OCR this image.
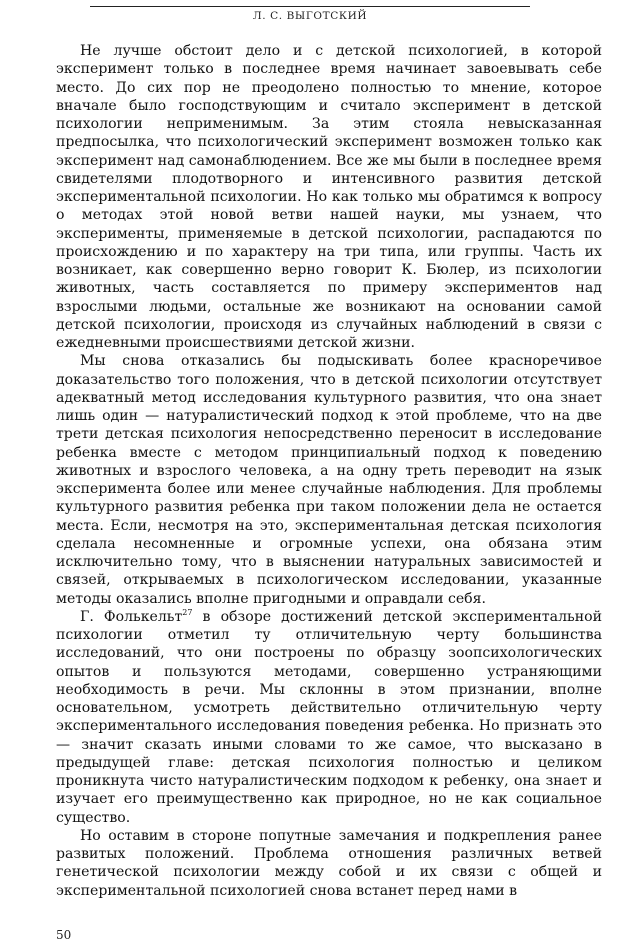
Л. С. ВЫГОТСКИЙ

Не лучше обстоит дело и с детской психологией, в которой эксперимент только в последнее время начинает завоевывать себе место. До сих пор не преодолено полностью то мнение, которое вначале было господствующим и считало эксперимент в детской психологии неприменимым. За этим стояла невысказанная предпосылка, что психологический эксперимент возможен только как эксперимент над самонаблюдением. Все же мы были в последнее время свидетелями плодотворного и интенсивного развития детской экспериментальной психологии. Но как только мы обратимся к вопросу о методах этой новой ветви нашей науки, мы узнаем, что эксперименты, применяемые в детской психологии, распадаются по происхождению и по характеру на три типа, или группы. Часть их возникает, как совершенно верно говорит К. Бюлер, из психологии животных, часть составляется по примеру экспериментов над взрослыми людьми, остальные же возникают на основании самой детской психологии, происходя из случайных наблюдений в связи с ежедневными происшествиями детской жизни.

Мы снова отказались бы подыскивать более красноречивое доказательство того положения, что в детской психологии отсутствует адекватный метод исследования культурного развития, что она знает лишь один — натуралистический подход к этой проблеме, что на две трети детская психология непосредственно переносит в исследование ребенка вместе с методом принципиальный подход к поведению животных и взрослого человека, а на одну треть переводит на язык эксперимента более или менее случайные наблюдения. Для проблемы культурного развития ребенка при таком положении дела не остается места. Если, несмотря на это, экспериментальная детская психология сделала несомненные и огромные успехи, она обязана этим исключительно тому, что в выяснении натуральных зависимостей и связей, открываемых в психологическом исследовании, указанные методы оказались вполне пригодными и оправдали себя.

Г. Фолькельт$^{27}$ в обзоре достижений детской экспериментальной психологии отметил ту отличительную черту большинства исследований, что они построены по образцу зоопсихологических опытов и пользуются методами, совершенно устраняющими необходимость в речи. Мы склонны в этом признании, вполне основательном, усмотреть действительно отличительную черту экспериментального исследования поведения ребенка. Но признать это — значит сказать иными словами то же самое, что высказано в предыдущей главе: детская психология полностью и целиком проникнута чисто натуралистическим подходом к ребенку, она знает и изучает его преимущественно как природное, но не как социальное существо.

Но оставим в стороне попутные замечания и подкрепления ранее развитых положений. Проблема отношения различных ветвей генетической психологии между собой и их связи с общей и экспериментальной психологией снова встанет перед нами в

50
